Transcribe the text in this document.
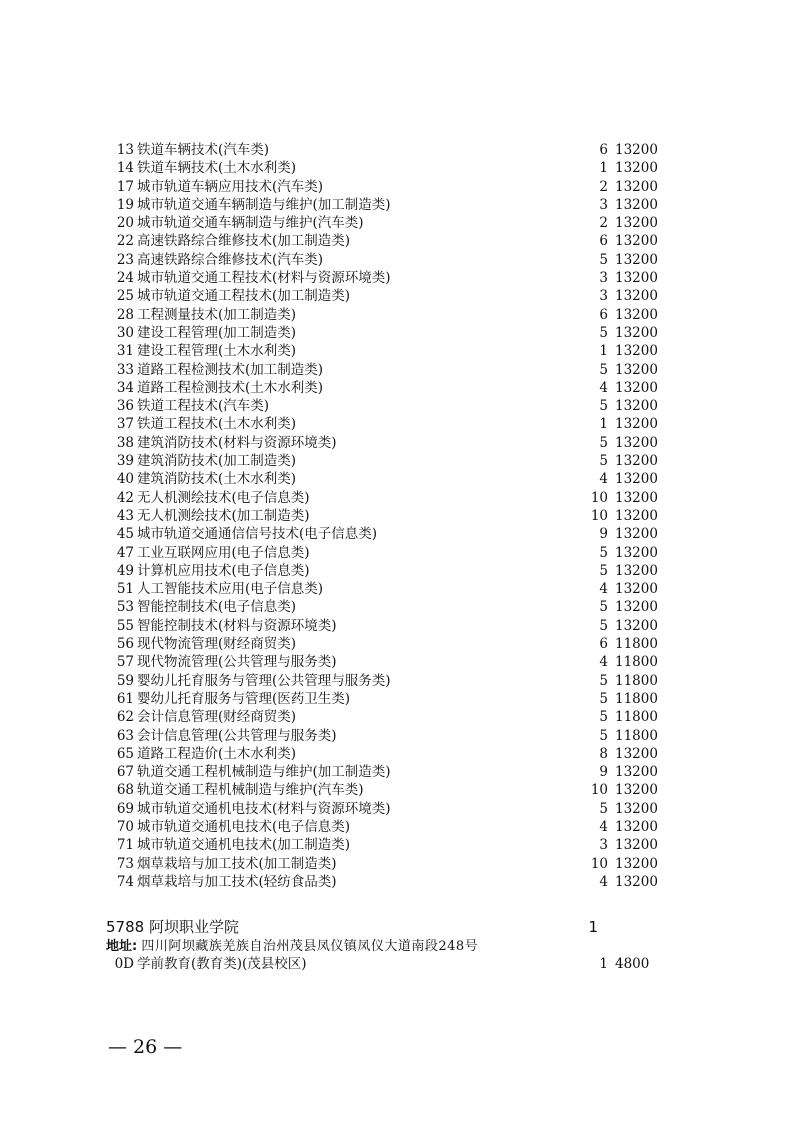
13 铁道车辆技术(汽车类)	6 13200
14 铁道车辆技术(土木水利类)	1 13200
17 城市轨道车辆应用技术(汽车类)	2 13200
19 城市轨道交通车辆制造与维护(加工制造类)	3 13200
20 城市轨道交通车辆制造与维护(汽车类)	2 13200
22 高速铁路综合维修技术(加工制造类)	6 13200
23 高速铁路综合维修技术(汽车类)	5 13200
24 城市轨道交通工程技术(材料与资源环境类)	3 13200
25 城市轨道交通工程技术(加工制造类)	3 13200
28 工程测量技术(加工制造类)	6 13200
30 建设工程管理(加工制造类)	5 13200
31 建设工程管理(土木水利类)	1 13200
33 道路工程检测技术(加工制造类)	5 13200
34 道路工程检测技术(土木水利类)	4 13200
36 铁道工程技术(汽车类)	5 13200
37 铁道工程技术(土木水利类)	1 13200
38 建筑消防技术(材料与资源环境类)	5 13200
39 建筑消防技术(加工制造类)	5 13200
40 建筑消防技术(土木水利类)	4 13200
42 无人机测绘技术(电子信息类)	10 13200
43 无人机测绘技术(加工制造类)	10 13200
45 城市轨道交通通信信号技术(电子信息类)	9 13200
47 工业互联网应用(电子信息类)	5 13200
49 计算机应用技术(电子信息类)	5 13200
51 人工智能技术应用(电子信息类)	4 13200
53 智能控制技术(电子信息类)	5 13200
55 智能控制技术(材料与资源环境类)	5 13200
56 现代物流管理(财经商贸类)	6 11800
57 现代物流管理(公共管理与服务类)	4 11800
59 婴幼儿托育服务与管理(公共管理与服务类)	5 11800
61 婴幼儿托育服务与管理(医药卫生类)	5 11800
62 会计信息管理(财经商贸类)	5 11800
63 会计信息管理(公共管理与服务类)	5 11800
65 道路工程造价(土木水利类)	8 13200
67 轨道交通工程机械制造与维护(加工制造类)	9 13200
68 轨道交通工程机械制造与维护(汽车类)	10 13200
69 城市轨道交通机电技术(材料与资源环境类)	5 13200
70 城市轨道交通机电技术(电子信息类)	4 13200
71 城市轨道交通机电技术(加工制造类)	3 13200
73 烟草栽培与加工技术(加工制造类)	10 13200
74 烟草栽培与加工技术(轻纺食品类)	4 13200
5788 阿坝职业学院	1
地址: 四川阿坝藏族羌族自治州茂县凤仪镇凤仪大道南段248号
0D 学前教育(教育类)(茂县校区)	1 4800
— 26 —
